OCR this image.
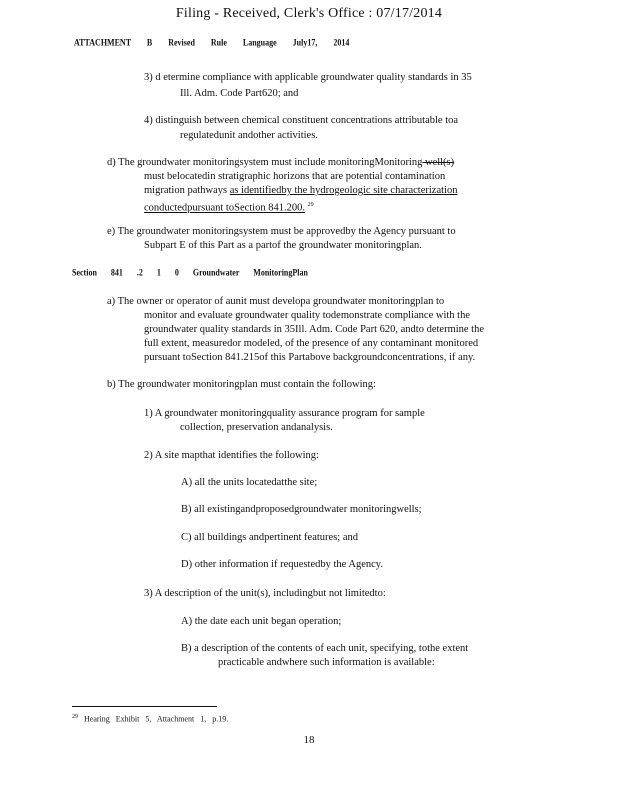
Filing - Received, Clerk's Office : 07/17/2014
ATTACHMENT B Revised Rule Language July17, 2014
3) d etermine compliance with applicable groundwater quality standards in 35
Ill. Adm. Code Part620; and
4) distinguish between chemical constituent concentrations attributable toa
regulatedunit andother activities.
d) The groundwater monitoringsystem must include monitoringMonitoring well(s)
must belocatedin stratigraphic horizons that are potential contamination
migration pathways as identifiedby the hydrogeologic site characterization
conductedpursuant toSection 841.200. $^{29}$
e) The groundwater monitoringsystem must be approvedby the Agency pursuant to
Subpart E of this Part as a partof the groundwater monitoringplan.
Section 841 .2 1 0 Groundwater MonitoringPlan
a) The owner or operator of aunit must developa groundwater monitoringplan to
monitor and evaluate groundwater quality todemonstrate compliance with the
groundwater quality standards in 35Ill. Adm. Code Part 620, andto determine the
full extent, measuredor modeled, of the presence of any contaminant monitored
pursuant toSection 841.215of this Partabove backgroundconcentrations, if any.
b) The groundwater monitoringplan must contain the following:
1) A groundwater monitoringquality assurance program for sample
collection, preservation andanalysis.
2) A site mapthat identifies the following:
A) all the units locatedatthe site;
B) all existingandproposedgroundwater monitoringwells;
C) all buildings andpertinent features; and
D) other information if requestedby the Agency.
3) A description of the unit(s), includingbut not limitedto:
A) the date each unit began operation;
B) a description of the contents of each unit, specifying, tothe extent
practicable andwhere such information is available:
$^{29}$ Hearing Exhibit 5, Attachment 1, p.19.
18
